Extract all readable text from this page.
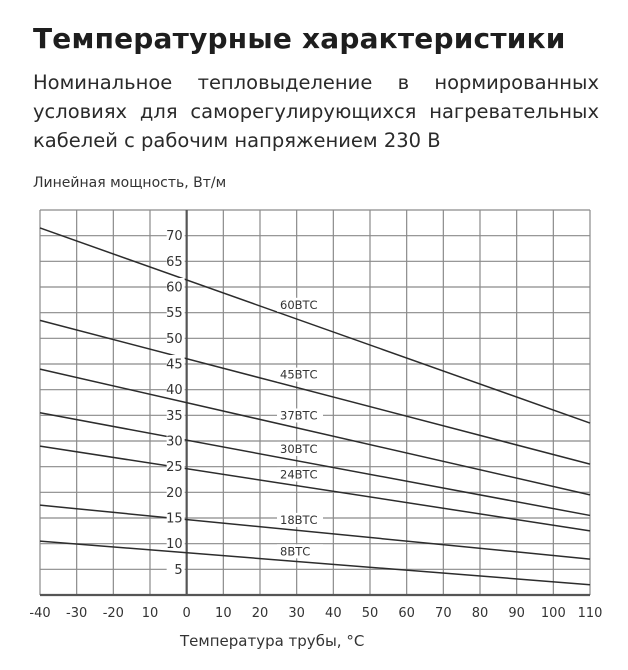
Температурные характеристики
Номинальное тепловыделение в нормированных условиях для саморегулирующихся нагревательных кабелей с рабочим напряжением 230 В
Линейная мощность, Вт/м
Температура трубы, °C
60ВТС
45ВТС
37ВТС
30ВТС
24ВТС
18ВТС
8ВТС
5
10
15
20
25
30
35
40
45
50
55
60
65
70
-40 -30 -20 10 0 10 20 30 40 50 60 70 80 90 100 110
